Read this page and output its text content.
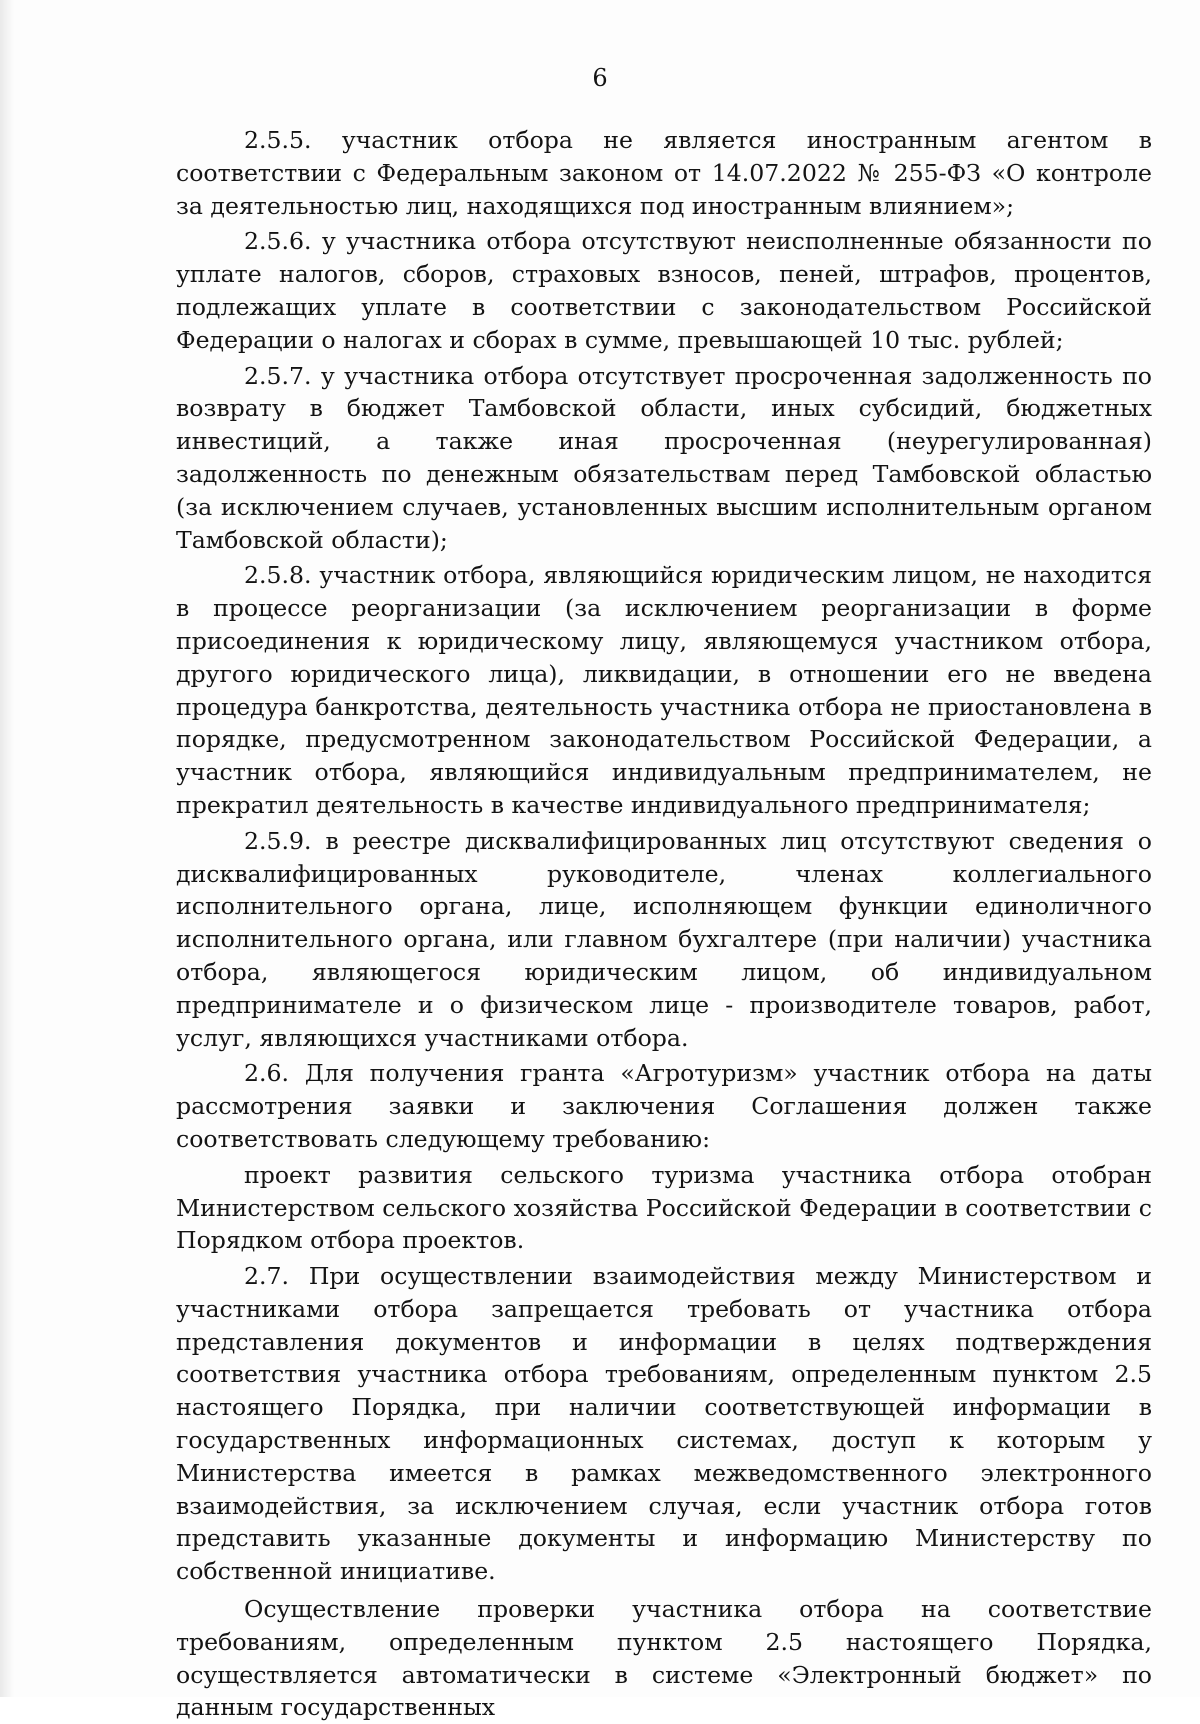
6

2.5.5. участник отбора не является иностранным агентом в соответствии с Федеральным законом от 14.07.2022 № 255-ФЗ «О контроле за деятельностью лиц, находящихся под иностранным влиянием»;

2.5.6. у участника отбора отсутствуют неисполненные обязанности по уплате налогов, сборов, страховых взносов, пеней, штрафов, процентов, подлежащих уплате в соответствии с законодательством Российской Федерации о налогах и сборах в сумме, превышающей 10 тыс. рублей;

2.5.7. у участника отбора отсутствует просроченная задолженность по возврату в бюджет Тамбовской области, иных субсидий, бюджетных инвестиций, а также иная просроченная (неурегулированная) задолженность по денежным обязательствам перед Тамбовской областью (за исключением случаев, установленных высшим исполнительным органом Тамбовской области);

2.5.8. участник отбора, являющийся юридическим лицом, не находится в процессе реорганизации (за исключением реорганизации в форме присоединения к юридическому лицу, являющемуся участником отбора, другого юридического лица), ликвидации, в отношении его не введена процедура банкротства, деятельность участника отбора не приостановлена в порядке, предусмотренном законодательством Российской Федерации, а участник отбора, являющийся индивидуальным предпринимателем, не прекратил деятельность в качестве индивидуального предпринимателя;

2.5.9. в реестре дисквалифицированных лиц отсутствуют сведения о дисквалифицированных руководителе, членах коллегиального исполнительного органа, лице, исполняющем функции единоличного исполнительного органа, или главном бухгалтере (при наличии) участника отбора, являющегося юридическим лицом, об индивидуальном предпринимателе и о физическом лице - производителе товаров, работ, услуг, являющихся участниками отбора.

2.6. Для получения гранта «Агротуризм» участник отбора на даты рассмотрения заявки и заключения Соглашения должен также соответствовать следующему требованию:

проект развития сельского туризма участника отбора отобран Министерством сельского хозяйства Российской Федерации в соответствии с Порядком отбора проектов.

2.7. При осуществлении взаимодействия между Министерством и участниками отбора запрещается требовать от участника отбора представления документов и информации в целях подтверждения соответствия участника отбора требованиям, определенным пунктом 2.5 настоящего Порядка, при наличии соответствующей информации в государственных информационных системах, доступ к которым у Министерства имеется в рамках межведомственного электронного взаимодействия, за исключением случая, если участник отбора готов представить указанные документы и информацию Министерству по собственной инициативе.

Осуществление проверки участника отбора на соответствие требованиям, определенным пунктом 2.5 настоящего Порядка, осуществляется автоматически в системе «Электронный бюджет» по данным государственных
